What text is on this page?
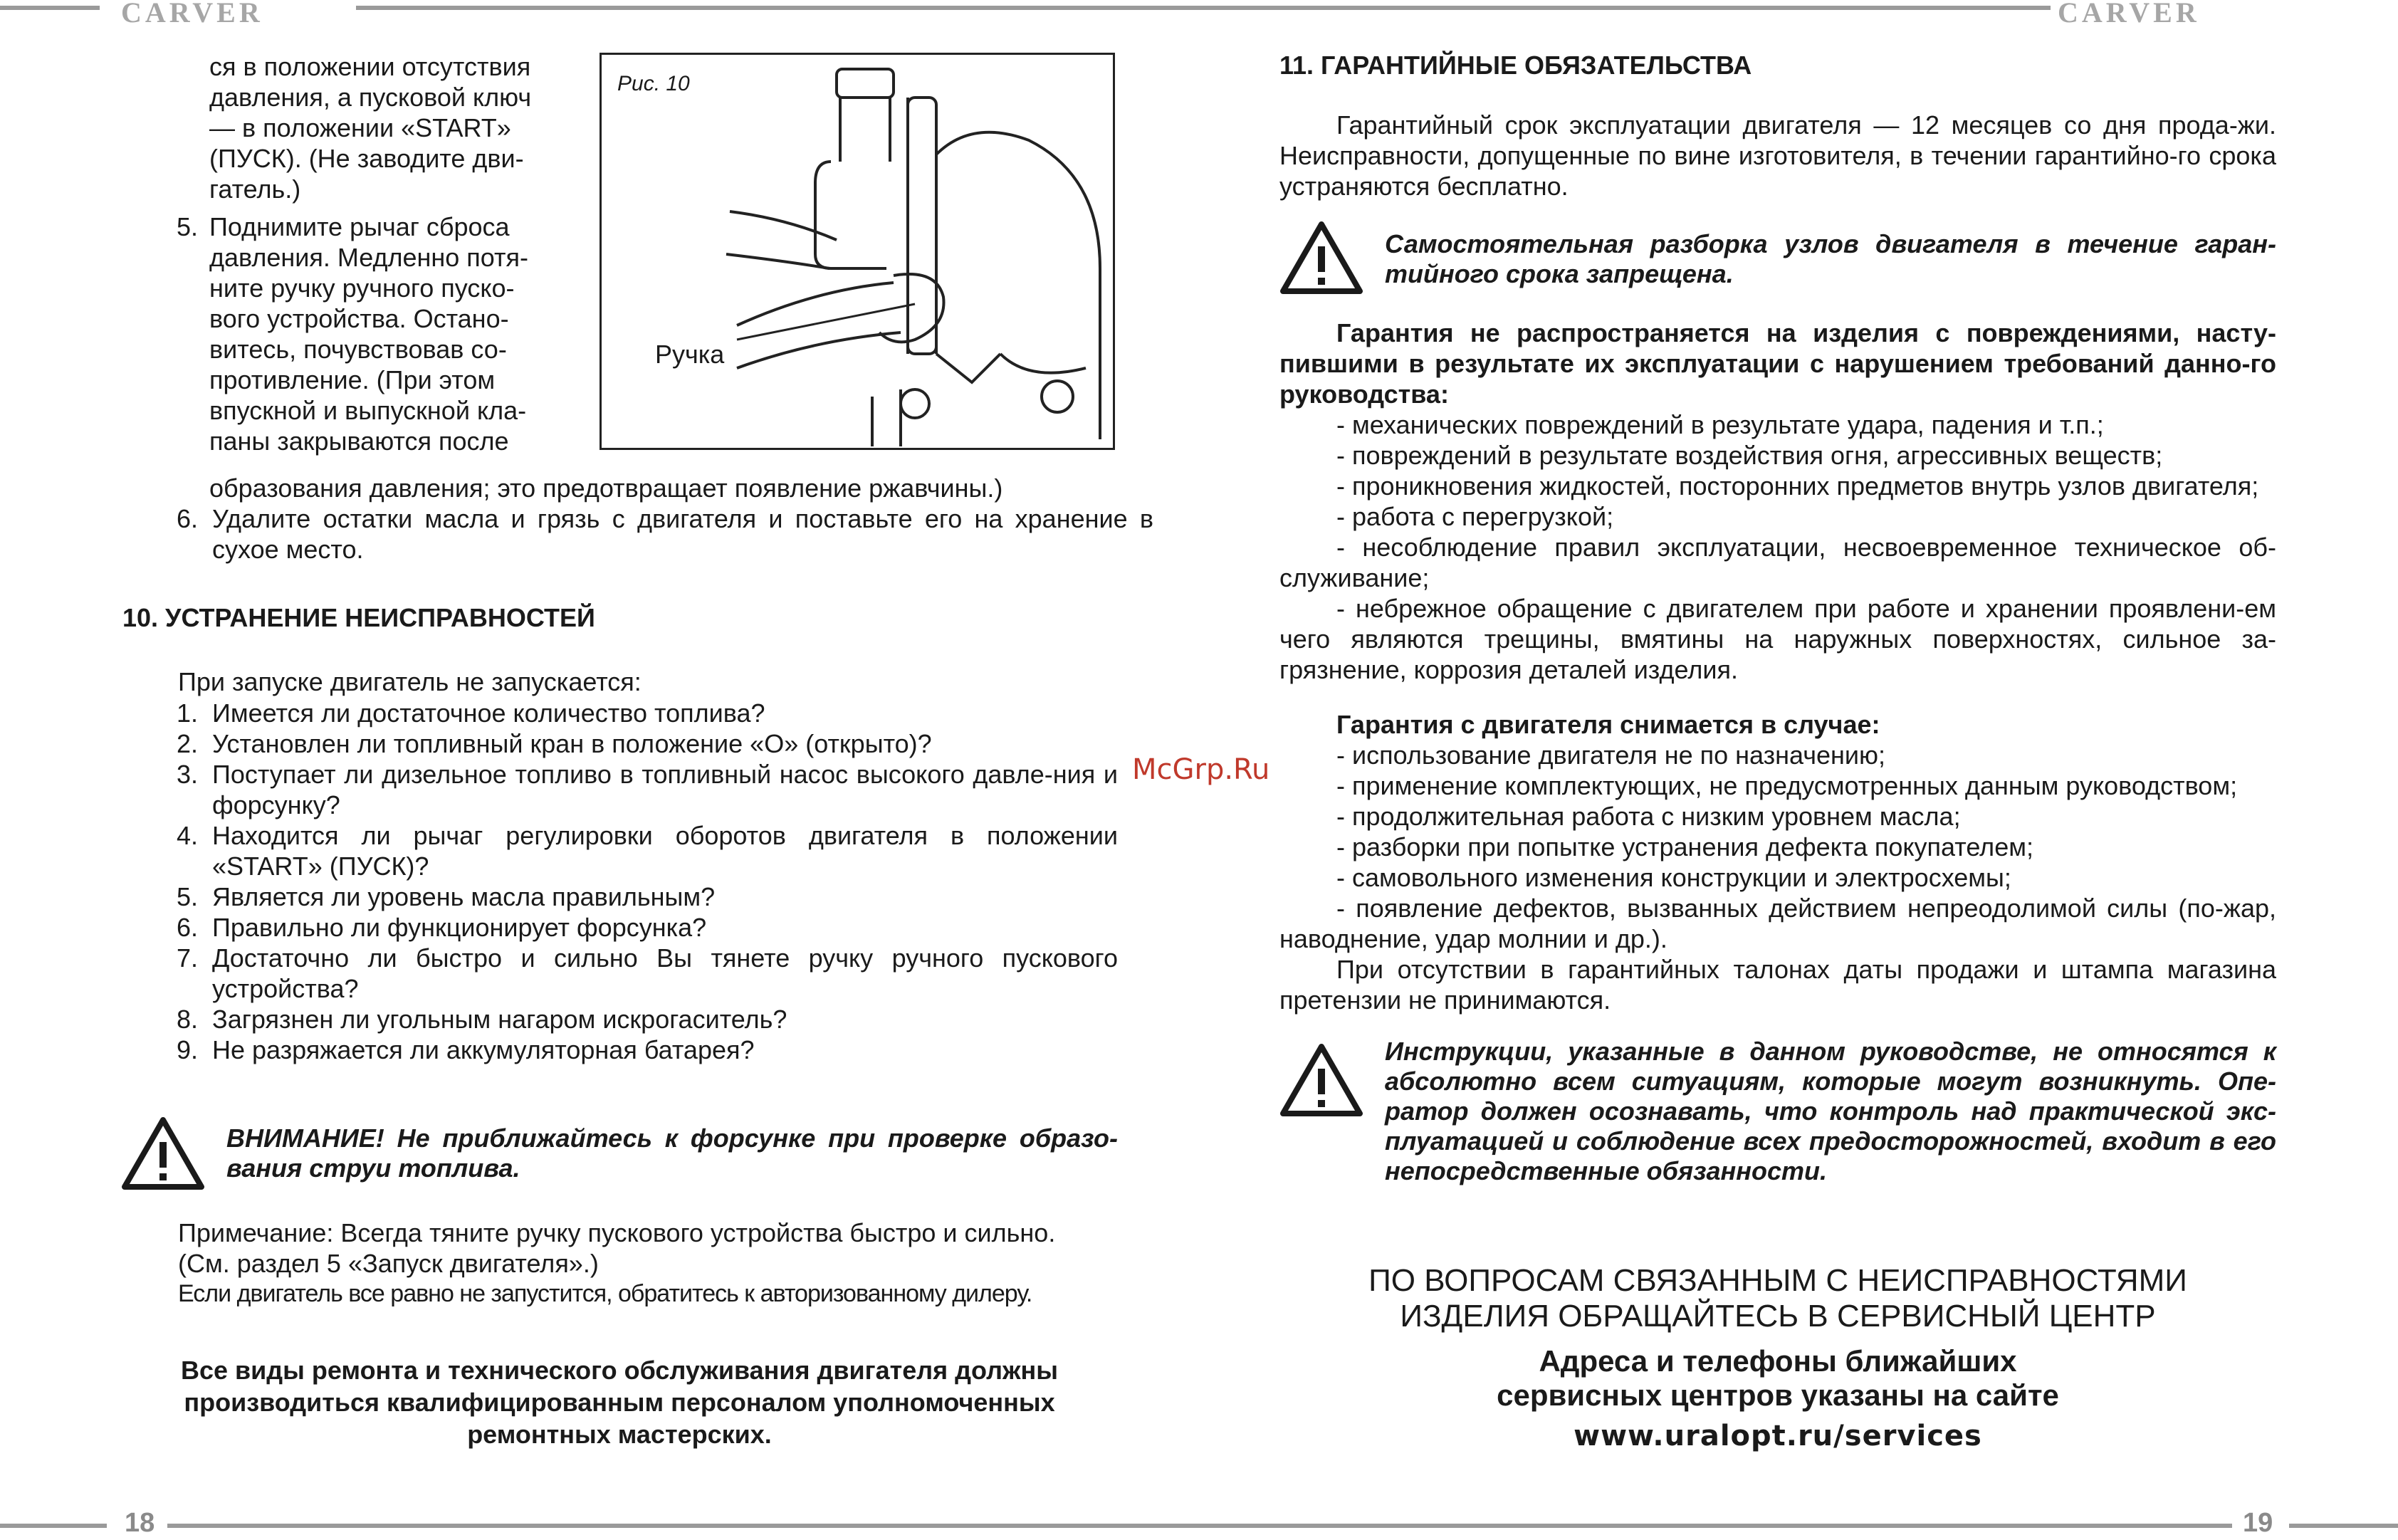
CARVER	CARVER
18	19
McGrp.Ru
ся в положении отсутствия
давления, а пусковой ключ
— в положении «START»
(ПУСК). (Не заводите дви-
гатель.)
5. Поднимите рычаг сброса
давления. Медленно потя-
ните ручку ручного пуско-
вого устройства. Остано-
витесь, почувствовав со-
противление. (При этом
впускной и выпускной кла-
паны закрываются после
образования давления; это предотвращает появление ржавчины.)
6. Удалите остатки масла и грязь с двигателя и поставьте его на хранение в сухое место.
Рис. 10
Ручка
10. УСТРАНЕНИЕ НЕИСПРАВНОСТЕЙ
При запуске двигатель не запускается:
1. Имеется ли достаточное количество топлива?
2. Установлен ли топливный кран в положение «О» (открыто)?
3. Поступает ли дизельное топливо в топливный насос высокого давле-ния и форсунку?
4. Находится ли рычаг регулировки оборотов двигателя в положении «START» (ПУСК)?
5. Является ли уровень масла правильным?
6. Правильно ли функционирует форсунка?
7. Достаточно ли быстро и сильно Вы тянете ручку ручного пускового устройства?
8. Загрязнен ли угольным нагаром искрогаситель?
9. Не разряжается ли аккумуляторная батарея?
ВНИМАНИЕ! Не приближайтесь к форсунке при проверке образо-вания струи топлива.
Примечание: Всегда тяните ручку пускового устройства быстро и сильно.
(См. раздел 5 «Запуск двигателя».)
Если двигатель все равно не запустится, обратитесь к авторизованному дилеру.
Все виды ремонта и технического обслуживания двигателя должны
производиться квалифицированным персоналом уполномоченных
ремонтных мастерских.
11. ГАРАНТИЙНЫЕ ОБЯЗАТЕЛЬСТВА
Гарантийный срок эксплуатации двигателя — 12 месяцев со дня прода-жи. Неисправности, допущенные по вине изготовителя, в течении гарантийно-го срока устраняются бесплатно.
Самостоятельная разборка узлов двигателя в течение гаран-тийного срока запрещена.
Гарантия не распространяется на изделия с повреждениями, насту-пившими в результате их эксплуатации с нарушением требований данно-го руководства:
- механических повреждений в результате удара, падения и т.п.;
- повреждений в результате воздействия огня, агрессивных веществ;
- проникновения жидкостей, посторонних предметов внутрь узлов двигателя;
- работа с перегрузкой;
- несоблюдение правил эксплуатации, несвоевременное техническое об-служивание;
- небрежное обращение с двигателем при работе и хранении проявлени-ем чего являются трещины, вмятины на наружных поверхностях, сильное за-грязнение, коррозия деталей изделия.
Гарантия с двигателя снимается в случае:
- использование двигателя не по назначению;
- применение комплектующих, не предусмотренных данным руководством;
- продолжительная работа с низким уровнем масла;
- разборки при попытке устранения дефекта покупателем;
- самовольного изменения конструкции и электросхемы;
- появление дефектов, вызванных действием непреодолимой силы (по-жар, наводнение, удар молнии и др.).
При отсутствии в гарантийных талонах даты продажи и штампа магазина претензии не принимаются.
Инструкции, указанные в данном руководстве, не относятся к абсолютно всем ситуациям, которые могут возникнуть. Опе-ратор должен осознавать, что контроль над практической экс-плуатацией и соблюдение всех предосторожностей, входит в его непосредственные обязанности.
ПО ВОПРОСАМ СВЯЗАННЫМ С НЕИСПРАВНОСТЯМИ
ИЗДЕЛИЯ ОБРАЩАЙТЕСЬ В СЕРВИСНЫЙ ЦЕНТР
Адреса и телефоны ближайших
сервисных центров указаны на сайте
www.uralopt.ru/services
